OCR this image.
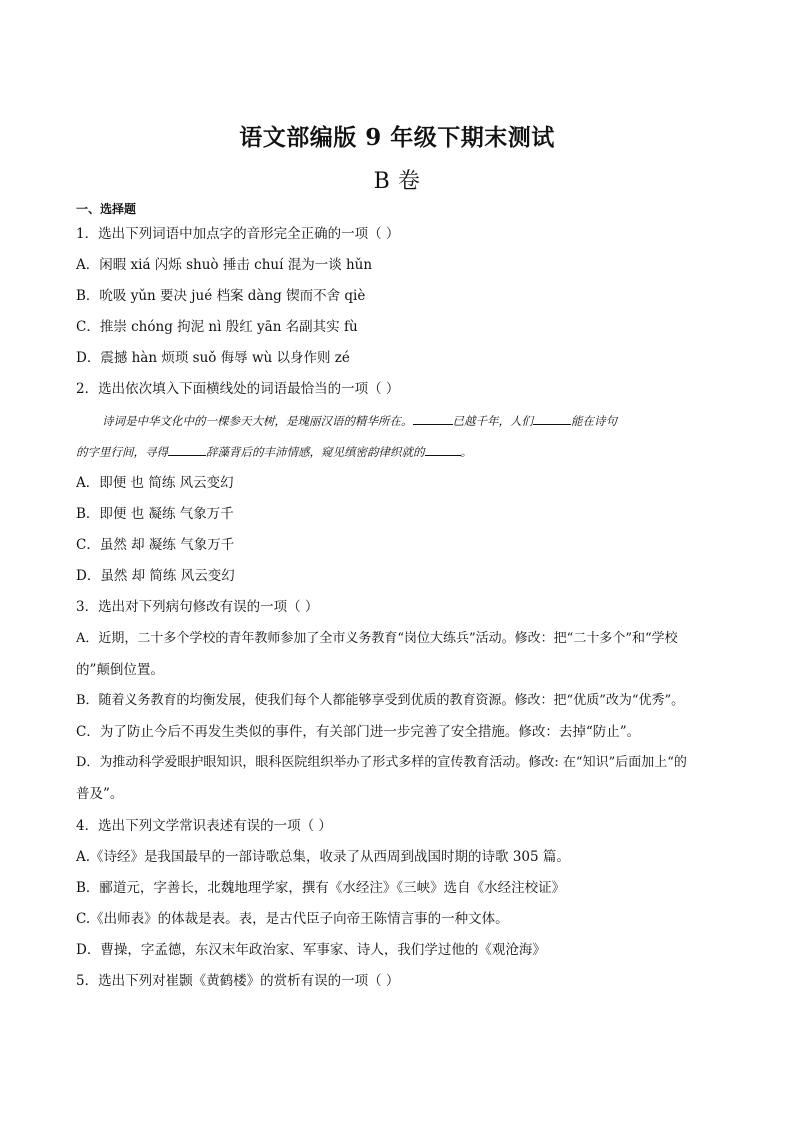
语文部编版 9 年级下期末测试
B 卷
一、选择题
1．选出下列词语中加点字的音形完全正确的一项（ ）
A．闲暇 xiá 闪烁 shuò 捶击 chuí 混为一谈 hǔn
B．吮吸 yǔn 要决 jué 档案 dàng 锲而不舍 qiè
C．推崇 chóng 拘泥 nì 殷红 yān 名副其实 fù
D．震撼 hàn 烦琐 suǒ 侮辱 wù 以身作则 zé
2．选出依次填入下面横线处的词语最恰当的一项（ ）
诗词是中华文化中的一棵参天大树，是瑰丽汉语的精华所在。	已越千年，人们	能在诗句
的字里行间，寻得	辞藻背后的丰沛情感，窥见缜密韵律织就的	。
A．即便 也 简练 风云变幻
B．即便 也 凝练 气象万千
C．虽然 却 凝练 气象万千
D．虽然 却 简练 风云变幻
3．选出对下列病句修改有误的一项（ ）
A．近期，二十多个学校的青年教师参加了全市义务教育“岗位大练兵”活动。修改：把“二十多个”和“学校
的”颠倒位置。
B．随着义务教育的均衡发展，使我们每个人都能够享受到优质的教育资源。修改：把“优质”改为“优秀”。
C．为了防止今后不再发生类似的事件，有关部门进一步完善了安全措施。修改：去掉“防止”。
D．为推动科学爱眼护眼知识，眼科医院组织举办了形式多样的宣传教育活动。修改: 在“知识”后面加上“的
普及”。
4．选出下列文学常识表述有误的一项（ ）
A.《诗经》是我国最早的一部诗歌总集，收录了从西周到战国时期的诗歌 305 篇。
B．郦道元，字善长，北魏地理学家，撰有《水经注》《三峡》选自《水经注校证》
C.《出师表》的体裁是表。表，是古代臣子向帝王陈情言事的一种文体。
D．曹操，字孟德，东汉末年政治家、军事家、诗人，我们学过他的《观沧海》
5．选出下列对崔颢《黄鹤楼》的赏析有误的一项（ ）
